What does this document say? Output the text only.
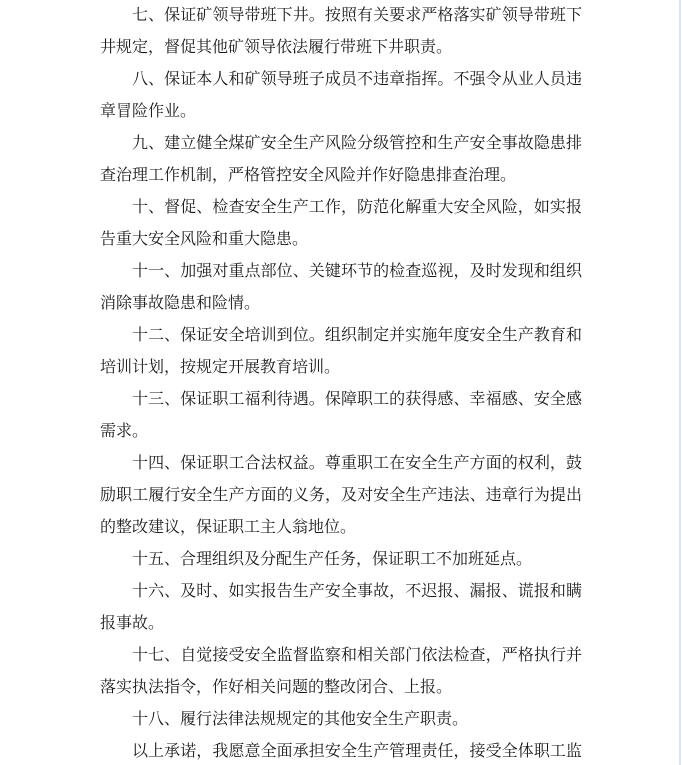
七、保证矿领导带班下井。按照有关要求严格落实矿领导带班下
井规定，督促其他矿领导依法履行带班下井职责。
八、保证本人和矿领导班子成员不违章指挥。不强令从业人员违
章冒险作业。
九、建立健全煤矿安全生产风险分级管控和生产安全事故隐患排
查治理工作机制，严格管控安全风险并作好隐患排查治理。
十、督促、检查安全生产工作，防范化解重大安全风险，如实报
告重大安全风险和重大隐患。
十一、加强对重点部位、关键环节的检查巡视，及时发现和组织
消除事故隐患和险情。
十二、保证安全培训到位。组织制定并实施年度安全生产教育和
培训计划，按规定开展教育培训。
十三、保证职工福利待遇。保障职工的获得感、幸福感、安全感
需求。
十四、保证职工合法权益。尊重职工在安全生产方面的权利，鼓
励职工履行安全生产方面的义务，及对安全生产违法、违章行为提出
的整改建议，保证职工主人翁地位。
十五、合理组织及分配生产任务，保证职工不加班延点。
十六、及时、如实报告生产安全事故，不迟报、漏报、谎报和瞒
报事故。
十七、自觉接受安全监督监察和相关部门依法检查，严格执行并
落实执法指令，作好相关问题的整改闭合、上报。
十八、履行法律法规规定的其他安全生产职责。
以上承诺，我愿意全面承担安全生产管理责任，接受全体职工监
